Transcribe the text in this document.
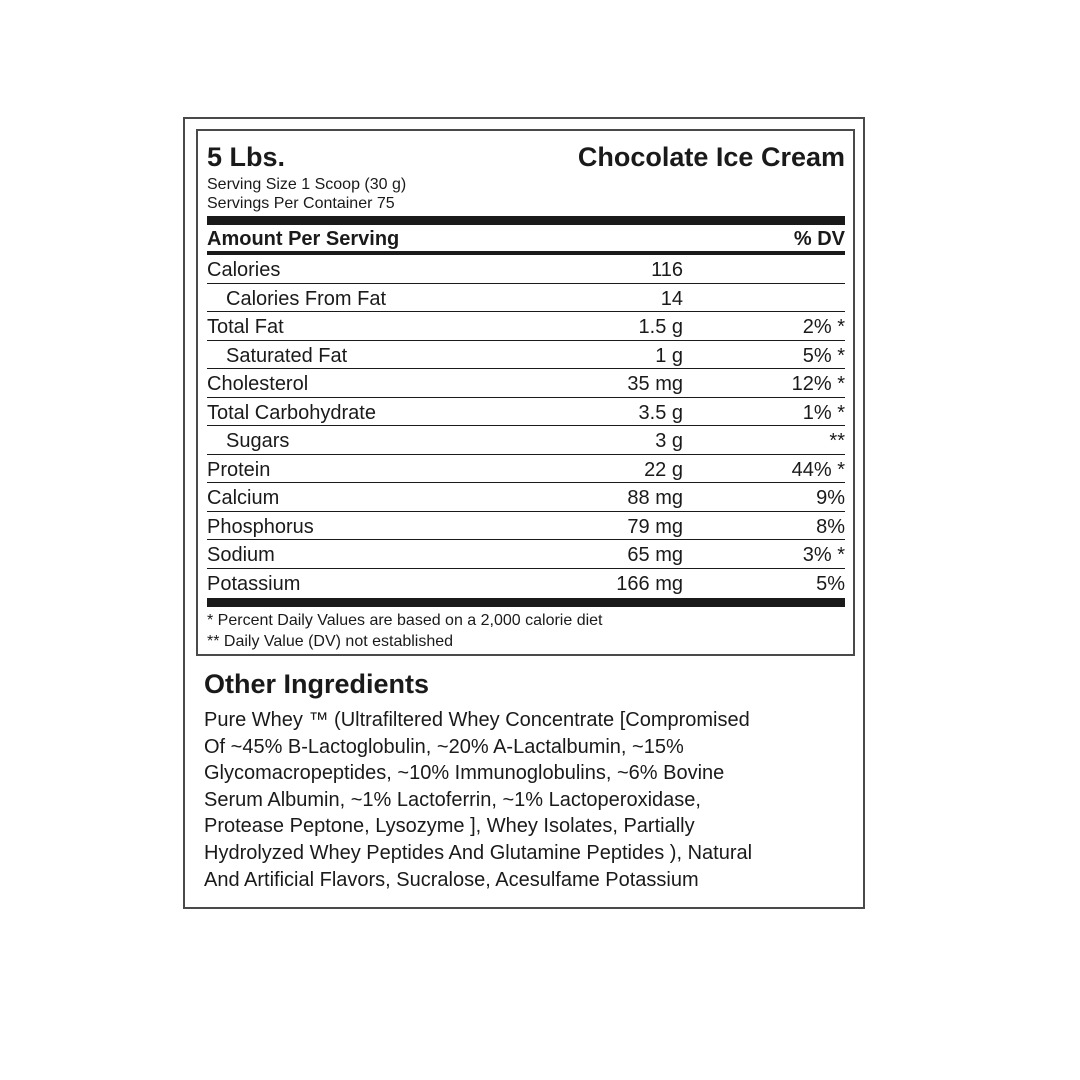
5 Lbs.	Chocolate Ice Cream
Serving Size 1 Scoop (30 g)
Servings Per Container 75
Amount Per Serving	% DV
Calories	116
Calories From Fat	14
Total Fat	1.5 g	2% *
Saturated Fat	1 g	5% *
Cholesterol	35 mg	12% *
Total Carbohydrate	3.5 g	1% *
Sugars	3 g	**
Protein	22 g	44% *
Calcium	88 mg	9%
Phosphorus	79 mg	8%
Sodium	65 mg	3% *
Potassium	166 mg	5%
* Percent Daily Values are based on a 2,000 calorie diet
** Daily Value (DV) not established
Other Ingredients
Pure Whey ™ (Ultrafiltered Whey Concentrate [Compromised
Of ~45% B-Lactoglobulin, ~20% A-Lactalbumin, ~15%
Glycomacropeptides, ~10% Immunoglobulins, ~6% Bovine
Serum Albumin, ~1% Lactoferrin, ~1% Lactoperoxidase,
Protease Peptone, Lysozyme ], Whey Isolates, Partially
Hydrolyzed Whey Peptides And Glutamine Peptides ), Natural
And Artificial Flavors, Sucralose, Acesulfame Potassium
